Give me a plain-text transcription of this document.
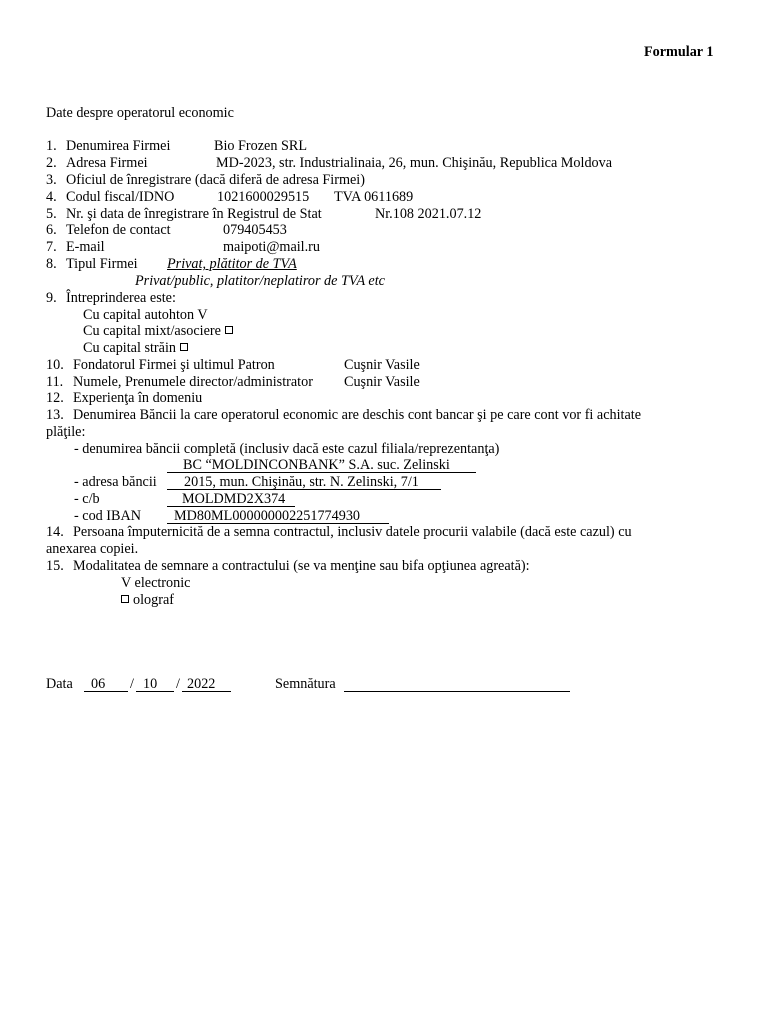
Formular 1
Date despre operatorul economic
1. Denumirea Firmei	Bio Frozen SRL
2. Adresa Firmei	MD-2023, str. Industrialinaia, 26, mun. Chişinău, Republica Moldova
3. Oficiul de înregistrare (dacă diferă de adresa Firmei)
4. Codul fiscal/IDNO	1021600029515 TVA 0611689
5. Nr. şi data de înregistrare în Registrul de Stat	Nr.108 2021.07.12
6. Telefon de contact	079405453
7. E-mail	maipoti@mail.ru
8. Tipul Firmei Privat, plătitor de TVA
Privat/public, platitor/neplatiror de TVA etc
9. Întreprinderea este:
Cu capital autohton V
Cu capital mixt/asociere
Cu capital străin
10. Fondatorul Firmei şi ultimul Patron	Cuşnir Vasile
11. Numele, Prenumele director/administrator Cuşnir Vasile
12. Experienţa în domeniu
13. Denumirea Băncii la care operatorul economic are deschis cont bancar şi pe care cont vor fi achitate
plăţile:
- denumirea băncii completă (inclusiv dacă este cazul filiala/reprezentanţa)
BC “MOLDINCONBANK” S.A. suc. Zelinski
- adresa băncii 2015, mun. Chişinău, str. N. Zelinski, 7/1
- c/b	MOLDMD2X374
- cod IBAN MD80ML000000002251774930
14. Persoana împuternicită de a semna contractul, inclusiv datele procurii valabile (dacă este cazul) cu
anexarea copiei.
15. Modalitatea de semnare a contractului (se va menţine sau bifa opţiunea agreată):
V electronic
olograf
Data 06 / 10 / 2022	Semnătura
